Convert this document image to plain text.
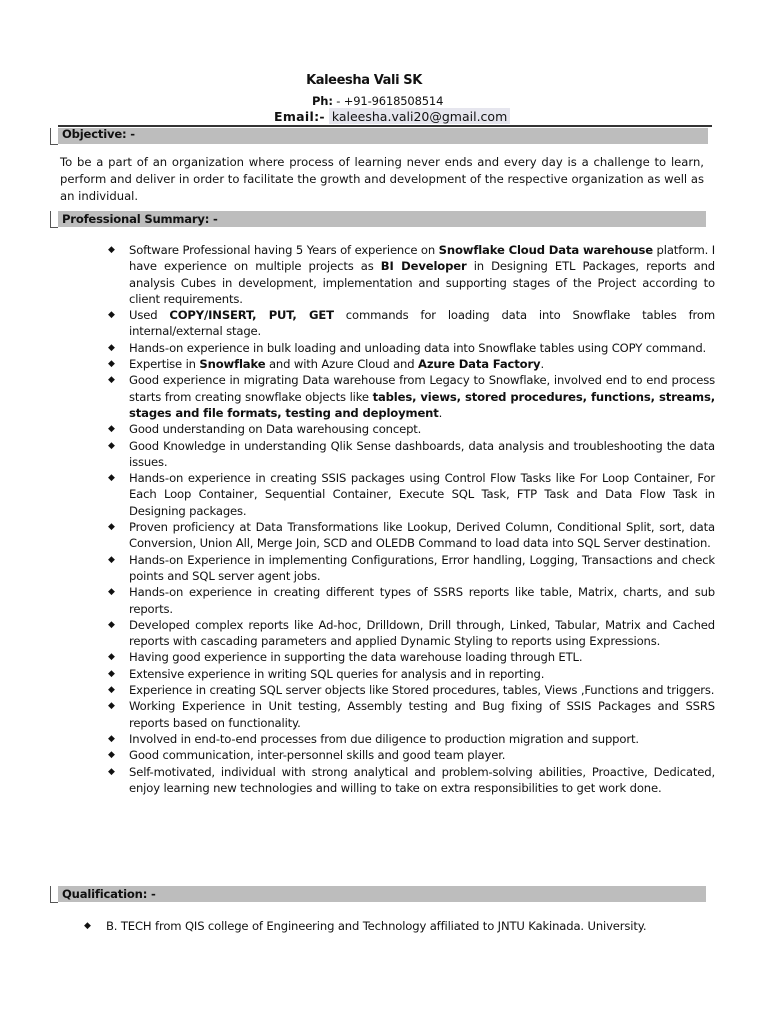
Kaleesha Vali SK
Ph: - +91-9618508514
Email:- kaleesha.vali20@gmail.com
Objective: -
To be a part of an organization where process of learning never ends and every day is a challenge to learn, perform and deliver in order to facilitate the growth and development of the respective organization as well as an individual.
Professional Summary: -
◆ Software Professional having 5 Years of experience on Snowflake Cloud Data warehouse platform. I have experience on multiple projects as BI Developer in Designing ETL Packages, reports and analysis Cubes in development, implementation and supporting stages of the Project according to client requirements.
◆ Used COPY/INSERT, PUT, GET commands for loading data into Snowflake tables from internal/external stage.
◆ Hands-on experience in bulk loading and unloading data into Snowflake tables using COPY command.
◆ Expertise in Snowflake and with Azure Cloud and Azure Data Factory.
◆ Good experience in migrating Data warehouse from Legacy to Snowflake, involved end to end process starts from creating snowflake objects like tables, views, stored procedures, functions, streams, stages and file formats, testing and deployment.
◆ Good understanding on Data warehousing concept.
◆ Good Knowledge in understanding Qlik Sense dashboards, data analysis and troubleshooting the data issues.
◆ Hands-on experience in creating SSIS packages using Control Flow Tasks like For Loop Container, For Each Loop Container, Sequential Container, Execute SQL Task, FTP Task and Data Flow Task in Designing packages.
◆ Proven proficiency at Data Transformations like Lookup, Derived Column, Conditional Split, sort, data Conversion, Union All, Merge Join, SCD and OLEDB Command to load data into SQL Server destination.
◆ Hands-on Experience in implementing Configurations, Error handling, Logging, Transactions and check points and SQL server agent jobs.
◆ Hands-on experience in creating different types of SSRS reports like table, Matrix, charts, and sub reports.
◆ Developed complex reports like Ad-hoc, Drilldown, Drill through, Linked, Tabular, Matrix and Cached reports with cascading parameters and applied Dynamic Styling to reports using Expressions.
◆ Having good experience in supporting the data warehouse loading through ETL.
◆ Extensive experience in writing SQL queries for analysis and in reporting.
◆ Experience in creating SQL server objects like Stored procedures, tables, Views ,Functions and triggers.
◆ Working Experience in Unit testing, Assembly testing and Bug fixing of SSIS Packages and SSRS reports based on functionality.
◆ Involved in end-to-end processes from due diligence to production migration and support.
◆ Good communication, inter-personnel skills and good team player.
◆ Self-motivated, individual with strong analytical and problem-solving abilities, Proactive, Dedicated, enjoy learning new technologies and willing to take on extra responsibilities to get work done.
Qualification: -
◆ B. TECH from QIS college of Engineering and Technology affiliated to JNTU Kakinada. University.
